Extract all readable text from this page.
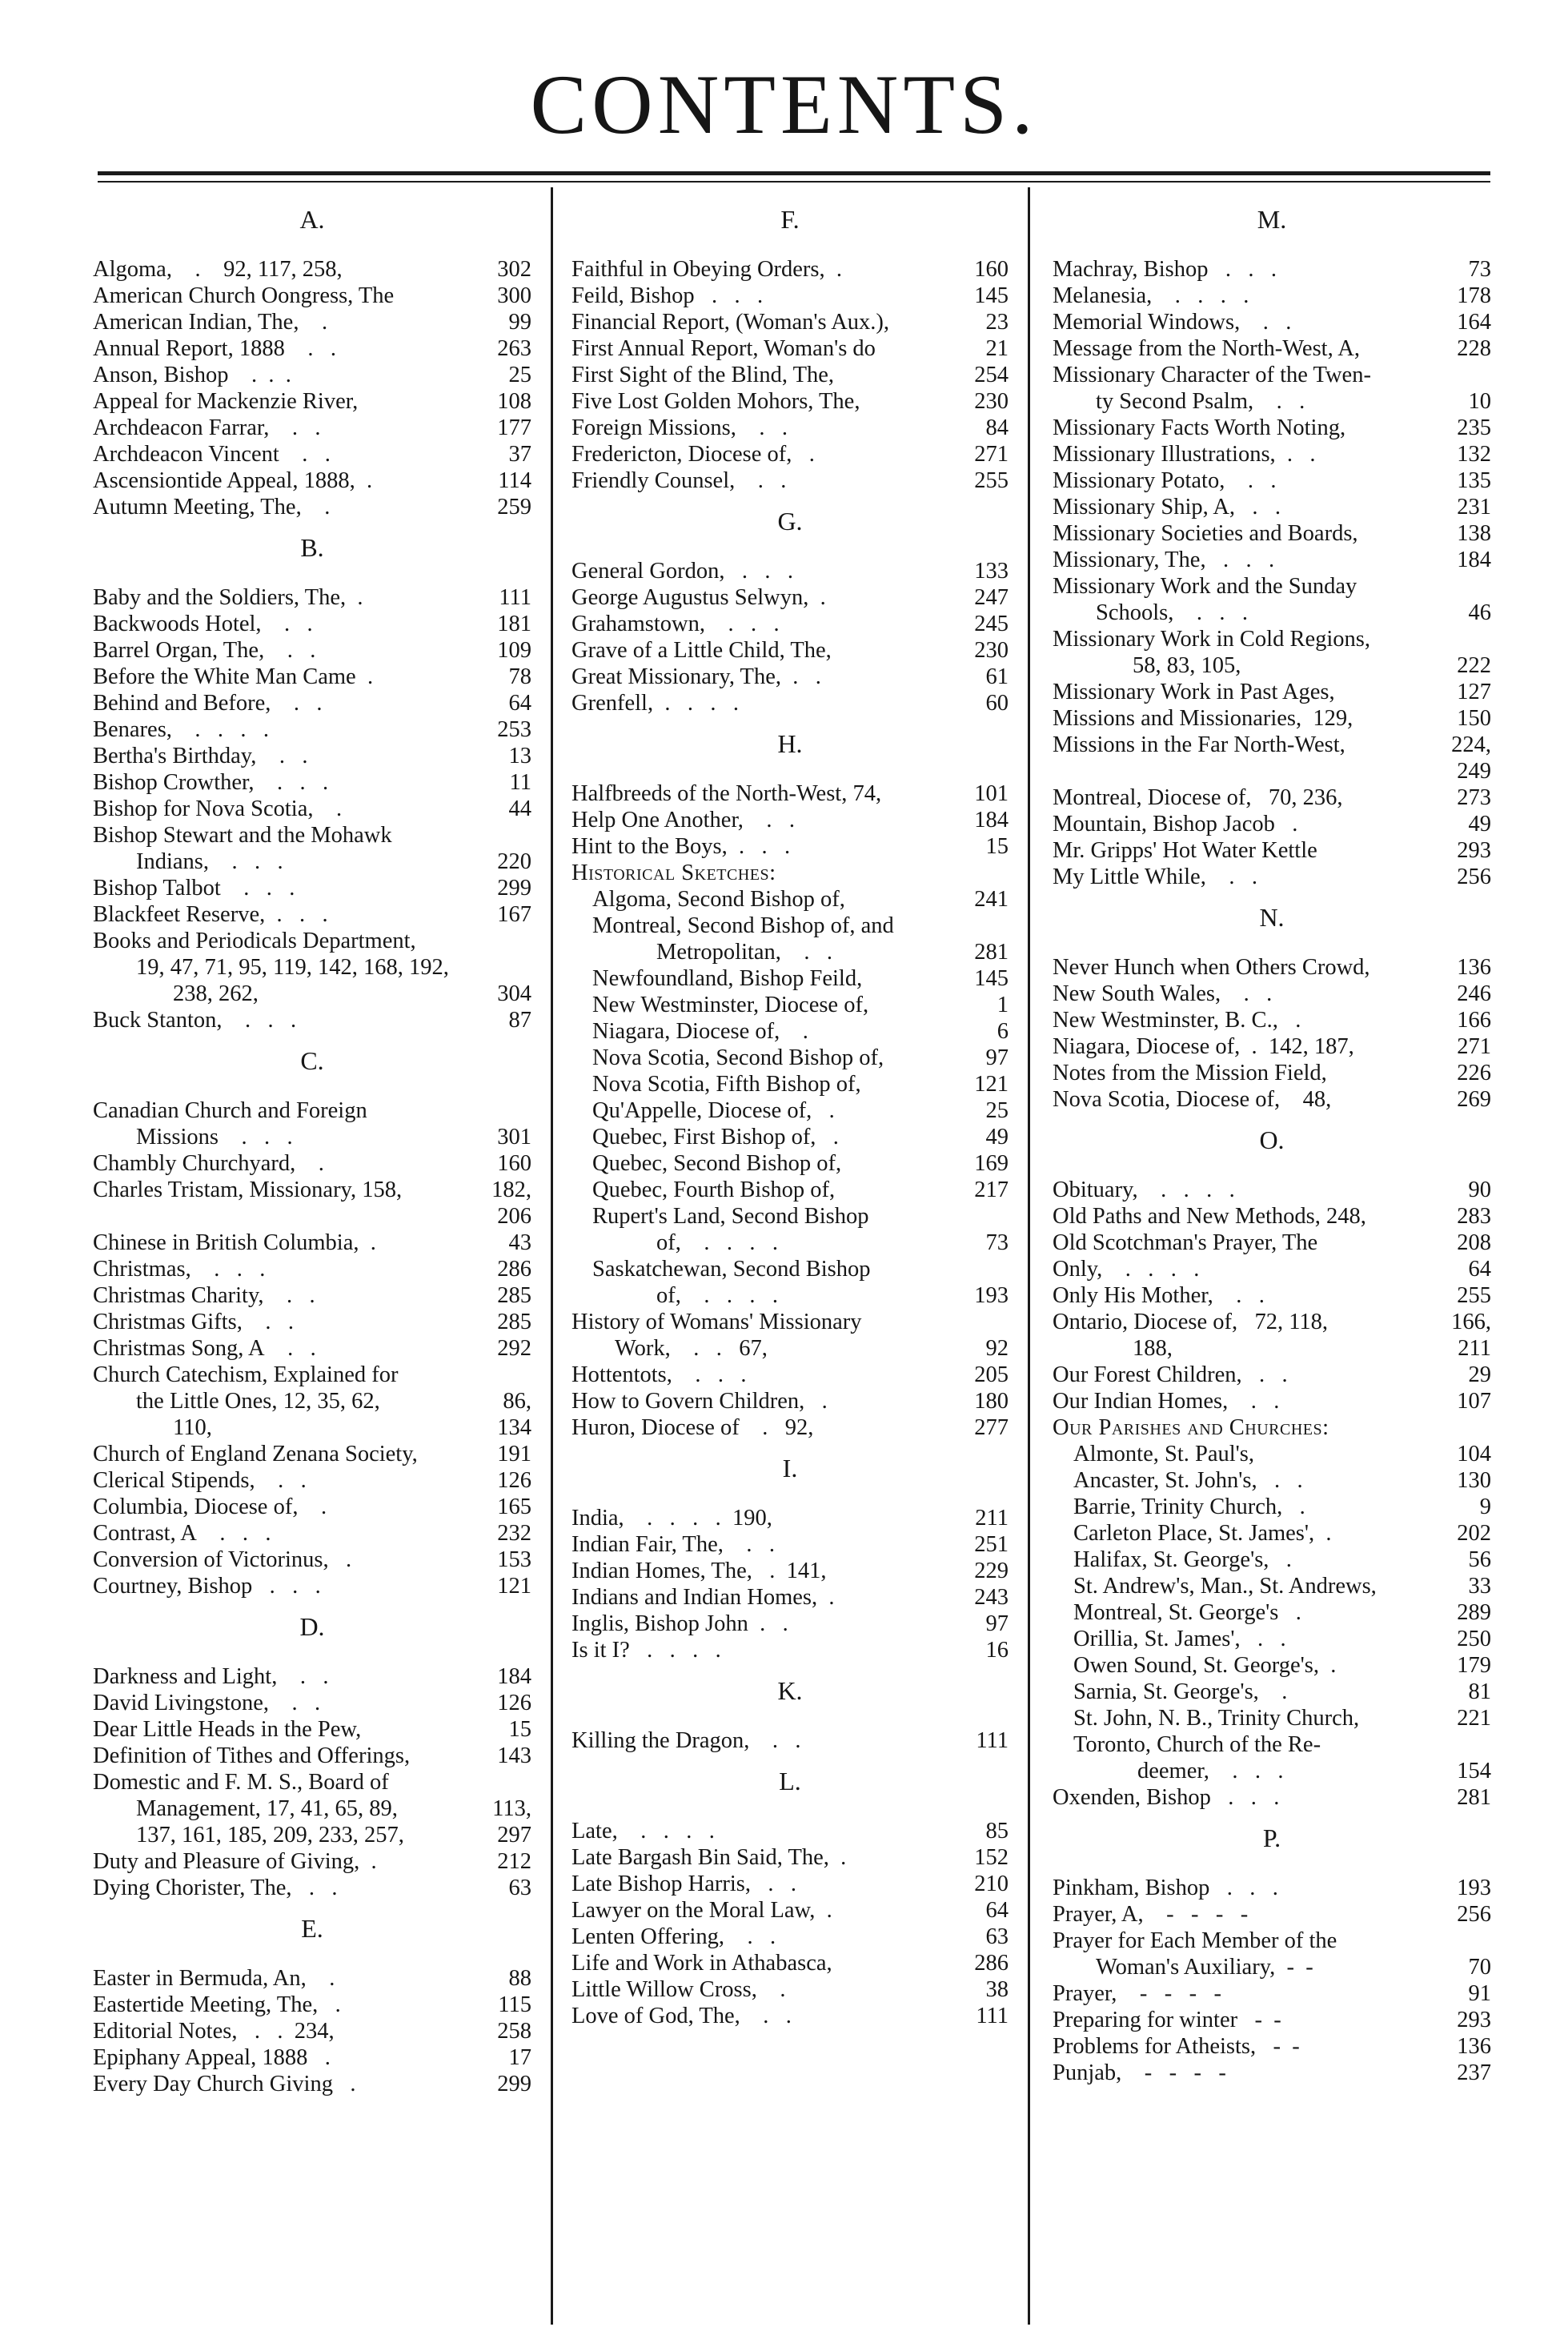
CONTENTS.
A.
Algoma,    .    92, 117, 258,	302
American Church Oongress, The	300
American Indian, The,    .	99
Annual Report, 1888    .   .	263
Anson, Bishop    .  .  .	25
Appeal for Mackenzie River,	108
Archdeacon Farrar,    .   .	177
Archdeacon Vincent    .   .	37
Ascensiontide Appeal, 1888,  .	114
Autumn Meeting, The,    .	259
B.
Baby and the Soldiers, The,  .	111
Backwoods Hotel,    .   .	181
Barrel Organ, The,    .   .	109
Before the White Man Came  .	78
Behind and Before,    .   .	64
Benares,    .   .   .   .	253
Bertha's Birthday,    .   .	13
Bishop Crowther,    .   .   .	11
Bishop for Nova Scotia,    .	44
Bishop Stewart and the Mohawk
Indians,    .   .   .	220
Bishop Talbot    .   .   .	299
Blackfeet Reserve,  .   .   .	167
Books and Periodicals Department,
19, 47, 71, 95, 119, 142, 168, 192,
238, 262,	304
Buck Stanton,    .   .   .	87
C.
Canadian Church and Foreign
Missions    .   .   .	301
Chambly Churchyard,    .	160
Charles Tristam, Missionary, 158,	182,
206
Chinese in British Columbia,  .	43
Christmas,    .   .   .	286
Christmas Charity,    .   .	285
Christmas Gifts,    .   .	285
Christmas Song, A    .   .	292
Church Catechism, Explained for
the Little Ones, 12, 35, 62,	86,
110,	134
Church of England Zenana Society,	191
Clerical Stipends,    .   .	126
Columbia, Diocese of,    .	165
Contrast, A    .   .   .	232
Conversion of Victorinus,   .	153
Courtney, Bishop   .   .   .	121
D.
Darkness and Light,    .   .	184
David Livingstone,    .   .	126
Dear Little Heads in the Pew,	15
Definition of Tithes and Offerings,	143
Domestic and F. M. S., Board of
Management, 17, 41, 65, 89,	113,
137, 161, 185, 209, 233, 257,	297
Duty and Pleasure of Giving,  .	212
Dying Chorister, The,   .   .	63
E.
Easter in Bermuda, An,    .	88
Eastertide Meeting, The,   .	115
Editorial Notes,   .   .  234,	258
Epiphany Appeal, 1888   .	17
Every Day Church Giving   .	299
F.
Faithful in Obeying Orders,  .	160
Feild, Bishop   .   .   .	145
Financial Report, (Woman's Aux.),	23
First Annual Report, Woman's do	21
First Sight of the Blind, The,	254
Five Lost Golden Mohors, The,	230
Foreign Missions,    .   .	84
Fredericton, Diocese of,   .	271
Friendly Counsel,    .   .	255
G.
General Gordon,   .   .   .	133
George Augustus Selwyn,  .	247
Grahamstown,    .   .   .	245
Grave of a Little Child, The,	230
Great Missionary, The,  .   .	61
Grenfell,  .   .   .   .	60
H.
Halfbreeds of the North-West, 74,	101
Help One Another,    .   .	184
Hint to the Boys,  .   .   .	15
Historical Sketches:
Algoma, Second Bishop of,	241
Montreal, Second Bishop of, and
Metropolitan,    .   .	281
Newfoundland, Bishop Feild,	145
New Westminster, Diocese of,	1
Niagara, Diocese of,    .	6
Nova Scotia, Second Bishop of,	97
Nova Scotia, Fifth Bishop of,	121
Qu'Appelle, Diocese of,   .	25
Quebec, First Bishop of,   .	49
Quebec, Second Bishop of,	169
Quebec, Fourth Bishop of,	217
Rupert's Land, Second Bishop
of,    .   .   .   .	73
Saskatchewan, Second Bishop
of,    .   .   .   .	193
History of Womans' Missionary
Work,    .   .   67,	92
Hottentots,    .   .   .	205
How to Govern Children,   .	180
Huron, Diocese of    .   92,	277
I.
India,    .   .   .   .  190,	211
Indian Fair, The,    .   .	251
Indian Homes, The,   .  141,	229
Indians and Indian Homes,  .	243
Inglis, Bishop John  .   .	97
Is it I?   .   .   .   .	16
K.
Killing the Dragon,    .   .	111
L.
Late,    .   .   .   .	85
Late Bargash Bin Said, The,  .	152
Late Bishop Harris,   .   .	210
Lawyer on the Moral Law,  .	64
Lenten Offering,    .   .	63
Life and Work in Athabasca,	286
Little Willow Cross,    .	38
Love of God, The,    .   .	111
M.
Machray, Bishop   .   .   .	73
Melanesia,    .   .   .   .	178
Memorial Windows,    .   .	164
Message from the North-West, A,	228
Missionary Character of the Twen-
ty Second Psalm,    .   .	10
Missionary Facts Worth Noting,	235
Missionary Illustrations,  .   .	132
Missionary Potato,    .   .	135
Missionary Ship, A,   .   .	231
Missionary Societies and Boards,	138
Missionary, The,   .   .   .	184
Missionary Work and the Sunday
Schools,    .   .   .	46
Missionary Work in Cold Regions,
58, 83, 105,	222
Missionary Work in Past Ages,	127
Missions and Missionaries,  129,	150
Missions in the Far North-West,	224,
249
Montreal, Diocese of,   70, 236,	273
Mountain, Bishop Jacob   .	49
Mr. Gripps' Hot Water Kettle	293
My Little While,    .   .	256
N.
Never Hunch when Others Crowd,	136
New South Wales,    .   .	246
New Westminster, B. C.,   .	166
Niagara, Diocese of,  .  142, 187,	271
Notes from the Mission Field,	226
Nova Scotia, Diocese of,    48,	269
O.
Obituary,    .   .   .   .	90
Old Paths and New Methods, 248,	283
Old Scotchman's Prayer, The	208
Only,    .   .   .   .	64
Only His Mother,    .   .	255
Ontario, Diocese of,   72, 118,	166,
188,	211
Our Forest Children,   .   .	29
Our Indian Homes,    .   .	107
Our Parishes and Churches:
Almonte, St. Paul's,	104
Ancaster, St. John's,   .   .	130
Barrie, Trinity Church,   .	9
Carleton Place, St. James',  .	202
Halifax, St. George's,   .	56
St. Andrew's, Man., St. Andrews,	33
Montreal, St. George's   .	289
Orillia, St. James',   .   .	250
Owen Sound, St. George's,  .	179
Sarnia, St. George's,    .	81
St. John, N. B., Trinity Church,	221
Toronto, Church of the Re-
deemer,    .   .   .	154
Oxenden, Bishop   .   .   .	281
P.
Pinkham, Bishop   .   .   .	193
Prayer, A,    -   -   -   -	256
Prayer for Each Member of the
Woman's Auxiliary,  -  -	70
Prayer,    -   -   -   -	91
Preparing for winter   -  -	293
Problems for Atheists,   -  -	136
Punjab,    -   -   -   -	237
